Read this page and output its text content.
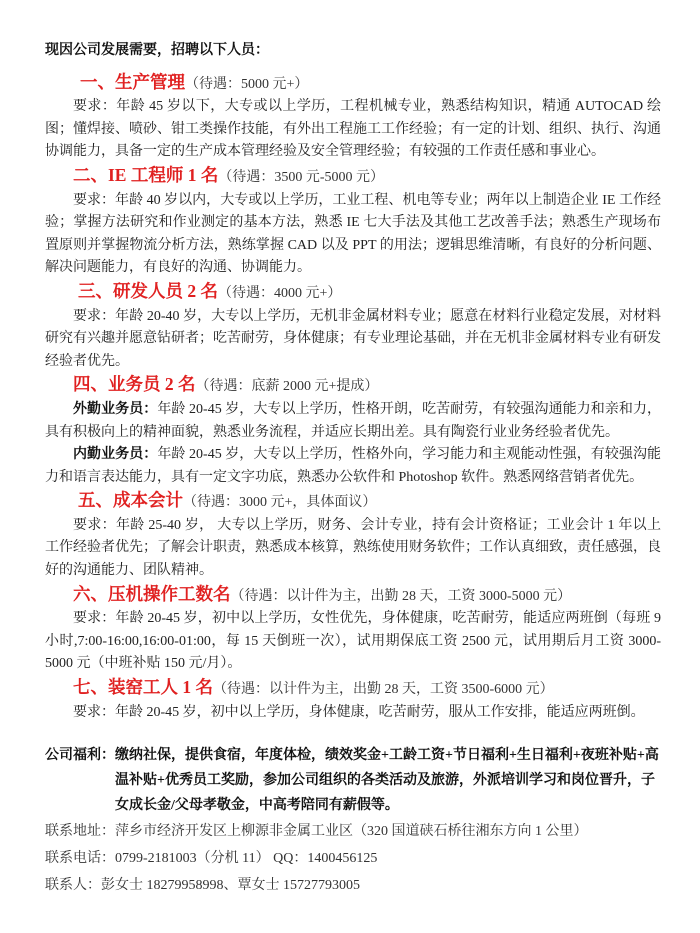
现因公司发展需要，招聘以下人员：
一、生产管理（待遇：5000 元+）
要求：年龄 45 岁以下，大专或以上学历，工程机械专业，熟悉结构知识，精通 AUTOCAD 绘图；懂焊接、喷砂、钳工类操作技能，有外出工程施工工作经验；有一定的计划、组织、执行、沟通协调能力，具备一定的生产成本管理经验及安全管理经验；有较强的工作责任感和事业心。
二、IE 工程师 1 名（待遇：3500 元-5000 元）
要求：年龄 40 岁以内，大专或以上学历，工业工程、机电等专业；两年以上制造企业 IE 工作经验；掌握方法研究和作业测定的基本方法，熟悉 IE 七大手法及其他工艺改善手法；熟悉生产现场布置原则并掌握物流分析方法，熟练掌握 CAD 以及 PPT 的用法；逻辑思维清晰，有良好的分析问题、解决问题能力，有良好的沟通、协调能力。
三、研发人员 2 名（待遇：4000 元+）
要求：年龄 20-40 岁，大专以上学历，无机非金属材料专业；愿意在材料行业稳定发展，对材料研究有兴趣并愿意钻研者；吃苦耐劳，身体健康；有专业理论基础，并在无机非金属材料专业有研发经验者优先。
四、业务员 2 名（待遇：底薪 2000 元+提成）
外勤业务员：年龄 20-45 岁，大专以上学历，性格开朗，吃苦耐劳，有较强沟通能力和亲和力，具有积极向上的精神面貌，熟悉业务流程，并适应长期出差。具有陶瓷行业业务经验者优先。
内勤业务员：年龄 20-45 岁，大专以上学历，性格外向，学习能力和主观能动性强，有较强沟能力和语言表达能力，具有一定文字功底，熟悉办公软件和 Photoshop 软件。熟悉网络营销者优先。
五、成本会计（待遇：3000 元+，具体面议）
要求：年龄 25-40 岁， 大专以上学历，财务、会计专业，持有会计资格证；工业会计 1 年以上工作经验者优先；了解会计职责，熟悉成本核算，熟练使用财务软件；工作认真细致，责任感强，良好的沟通能力、团队精神。
六、压机操作工数名（待遇：以计件为主，出勤 28 天，工资 3000-5000 元）
要求：年龄 20-45 岁，初中以上学历，女性优先，身体健康，吃苦耐劳，能适应两班倒（每班 9 小时,7:00-16:00,16:00-01:00，每 15 天倒班一次），试用期保底工资 2500 元，试用期后月工资 3000-5000 元（中班补贴 150 元/月）。
七、装窑工人 1 名（待遇：以计件为主，出勤 28 天，工资 3500-6000 元）
要求：年龄 20-45 岁，初中以上学历，身体健康，吃苦耐劳，服从工作安排，能适应两班倒。
公司福利： 缴纳社保，提供食宿，年度体检，绩效奖金+工龄工资+节日福利+生日福利+夜班补贴+高温补贴+优秀员工奖励，参加公司组织的各类活动及旅游，外派培训学习和岗位晋升，子女成长金/父母孝敬金，中高考陪同有薪假等。
联系地址：萍乡市经济开发区上柳源非金属工业区（320 国道硖石桥往湘东方向 1 公里）
联系电话：0799-2181003（分机 11） QQ：1400456125
联系人：彭女士 18279958998、覃女士 15727793005
